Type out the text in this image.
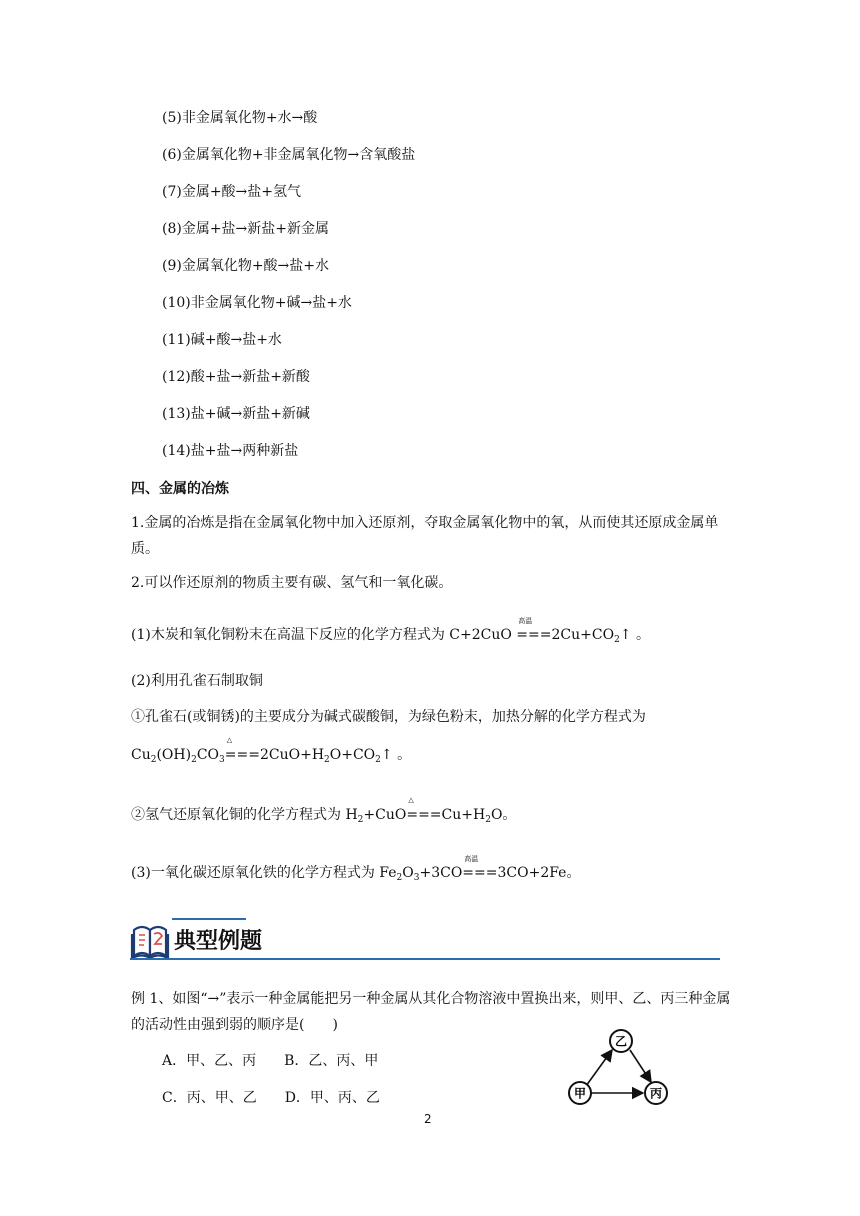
(5)非金属氧化物+水→酸
(6)金属氧化物+非金属氧化物→含氧酸盐
(7)金属+酸→盐+氢气
(8)金属+盐→新盐+新金属
(9)金属氧化物+酸→盐+水
(10)非金属氧化物+碱→盐+水
(11)碱+酸→盐+水
(12)酸+盐→新盐+新酸
(13)盐+碱→新盐+新碱
(14)盐+盐→两种新盐
四、金属的冶炼
1.金属的冶炼是指在金属氧化物中加入还原剂，夺取金属氧化物中的氧，从而使其还原成金属单质。
2.可以作还原剂的物质主要有碳、氢气和一氧化碳。
(1)木炭和氧化铜粉末在高温下反应的化学方程式为 C+2CuO
高温
$===2Cu+CO_2↑$ 。
(2)利用孔雀石制取铜
①孔雀石(或铜锈)的主要成分为碱式碳酸铜，为绿色粉末，加热分解的化学方程式为
$Cu_2(OH)_2CO_3$
△
$===2CuO+H_2O+CO_2↑$ 。
②氢气还原氧化铜的化学方程式为 $H_2+CuO$
△
$===Cu+H_2O$。
(3)一氧化碳还原氧化铁的化学方程式为 $Fe_2O_3+3CO$
高温
===3CO+2Fe。
典型例题
例 1、如图“→”表示一种金属能把另一种金属从其化合物溶液中置换出来，则甲、乙、丙三种金属的活动性由强到弱的顺序是(　　)
A．甲、乙、丙　　B．乙、丙、甲
C．丙、甲、乙　　D．甲、丙、乙
乙
甲	丙
2
